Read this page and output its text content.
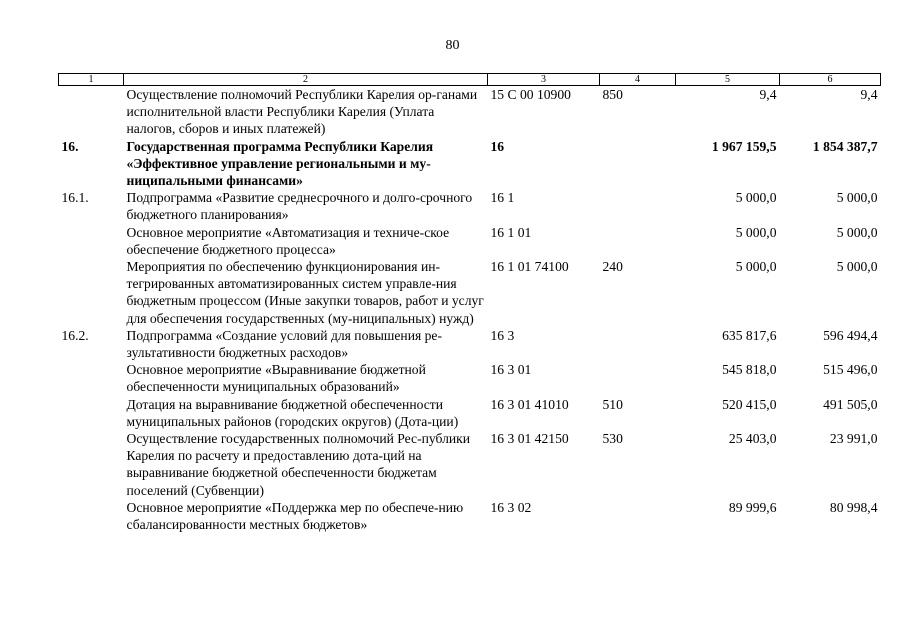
80
1	2	3	4	5	6
	Осуществление полномочий Республики Карелия ор-ганами исполнительной власти Республики Карелия (Уплата налогов, сборов и иных платежей)	15 С 00 10900	850	9,4	9,4
16.	Государственная программа Республики Карелия «Эффективное управление региональными и му-ниципальными финансами»	16		1 967 159,5	1 854 387,7
16.1.	Подпрограмма «Развитие среднесрочного и долго-срочного бюджетного планирования»	16 1		5 000,0	5 000,0
	Основное мероприятие «Автоматизация и техниче-ское обеспечение бюджетного процесса»	16 1 01		5 000,0	5 000,0
	Мероприятия по обеспечению функционирования ин-тегрированных автоматизированных систем управле-ния бюджетным процессом (Иные закупки товаров, работ и услуг для обеспечения государственных (му-ниципальных) нужд)	16 1 01 74100	240	5 000,0	5 000,0
16.2.	Подпрограмма «Создание условий для повышения ре-зультативности бюджетных расходов»	16 3		635 817,6	596 494,4
	Основное мероприятие «Выравнивание бюджетной обеспеченности муниципальных образований»	16 3 01		545 818,0	515 496,0
	Дотация на выравнивание бюджетной обеспеченности муниципальных районов (городских округов) (Дота-ции)	16 3 01 41010	510	520 415,0	491 505,0
	Осуществление государственных полномочий Рес-публики Карелия по расчету и предоставлению дота-ций на выравнивание бюджетной обеспеченности бюджетам поселений (Субвенции)	16 3 01 42150	530	25 403,0	23 991,0
	Основное мероприятие «Поддержка мер по обеспече-нию сбалансированности местных бюджетов»	16 3 02		89 999,6	80 998,4
